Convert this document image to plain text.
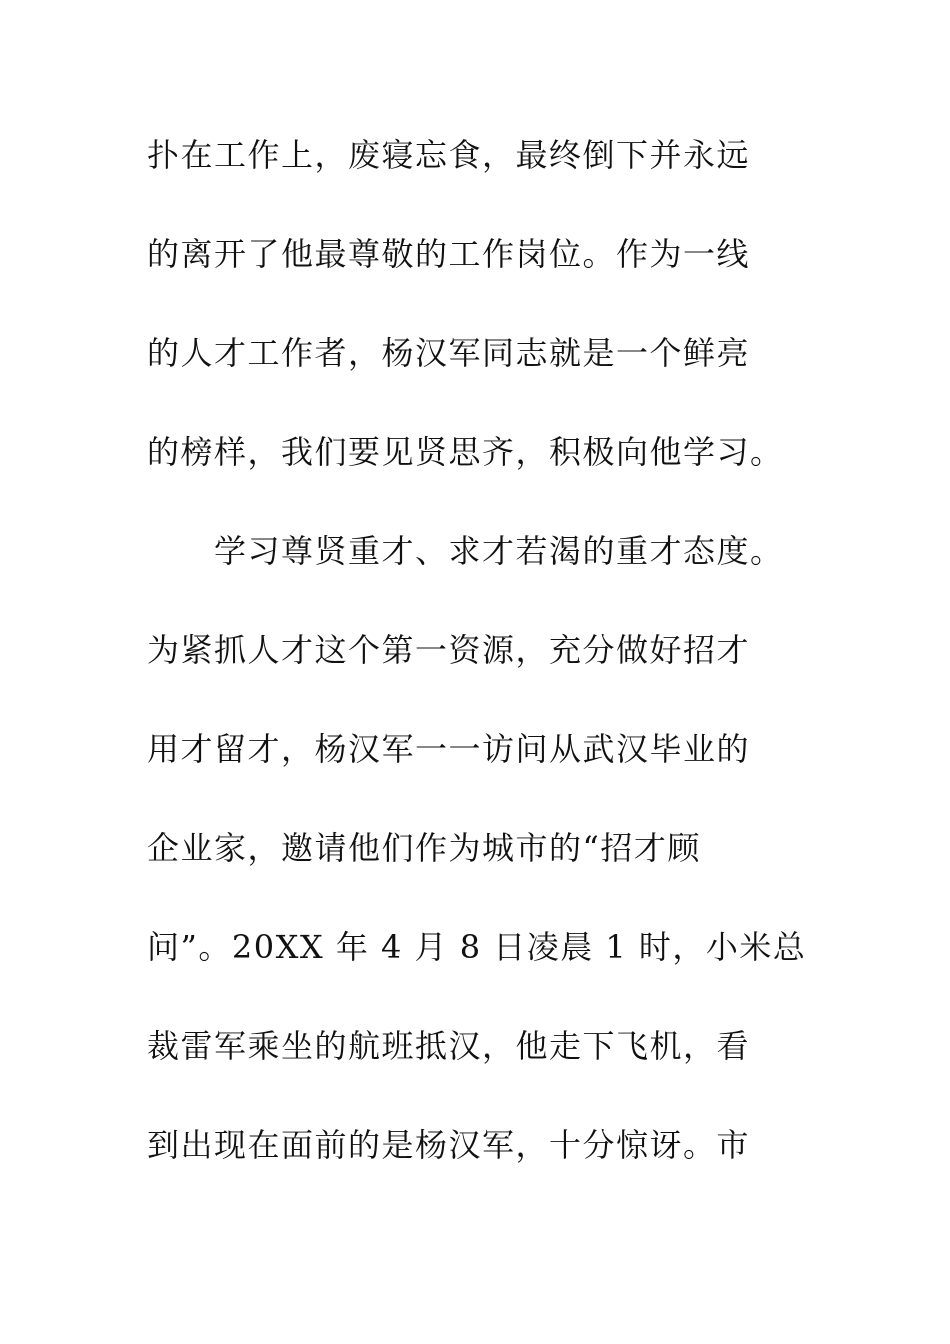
扑在工作上，废寝忘食，最终倒下并永远
的离开了他最尊敬的工作岗位。作为一线
的人才工作者，杨汉军同志就是一个鲜亮
的榜样，我们要见贤思齐，积极向他学习。
学习尊贤重才、求才若渴的重才态度。
为紧抓人才这个第一资源，充分做好招才
用才留才，杨汉军一一访问从武汉毕业的
企业家，邀请他们作为城市的“招才顾
问”。20XX 年 4 月 8 日凌晨 1 时，小米总
裁雷军乘坐的航班抵汉，他走下飞机，看
到出现在面前的是杨汉军，十分惊讶。市
